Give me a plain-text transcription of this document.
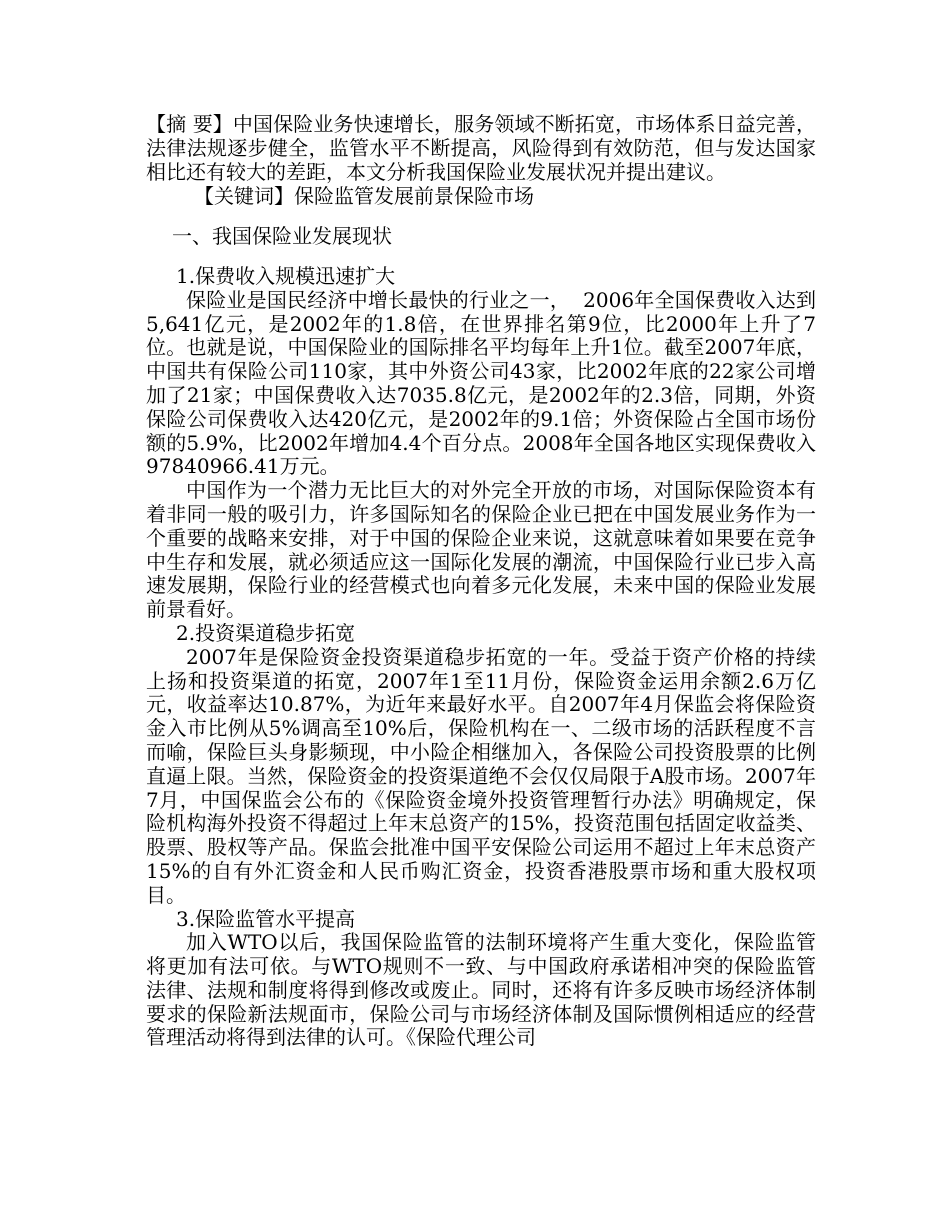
【摘 要】中国保险业务快速增长，服务领域不断拓宽，市场体系日益完善，法律法规逐步健全，监管水平不断提高，风险得到有效防范，但与发达国家相比还有较大的差距，本文分析我国保险业发展状况并提出建议。

【关键词】保险监管发展前景保险市场

一、我国保险业发展现状

1.保费收入规模迅速扩大

保险业是国民经济中增长最快的行业之一，  2006年全国保费收入达到5,641亿元，是2002年的1.8倍，在世界排名第9位，比2000年上升了7位。也就是说，中国保险业的国际排名平均每年上升1位。截至2007年底，中国共有保险公司110家，其中外资公司43家，比2002年底的22家公司增加了21家；中国保费收入达7035.8亿元，是2002年的2.3倍，同期，外资保险公司保费收入达420亿元，是2002年的9.1倍；外资保险占全国市场份额的5.9%，比2002年增加4.4个百分点。2008年全国各地区实现保费收入97840966.41万元。

中国作为一个潜力无比巨大的对外完全开放的市场，对国际保险资本有着非同一般的吸引力，许多国际知名的保险企业已把在中国发展业务作为一个重要的战略来安排，对于中国的保险企业来说，这就意味着如果要在竞争中生存和发展，就必须适应这一国际化发展的潮流，中国保险行业已步入高速发展期，保险行业的经营模式也向着多元化发展，未来中国的保险业发展前景看好。

2.投资渠道稳步拓宽

2007年是保险资金投资渠道稳步拓宽的一年。受益于资产价格的持续上扬和投资渠道的拓宽，2007年1至11月份，保险资金运用余额2.6万亿元，收益率达10.87%，为近年来最好水平。自2007年4月保监会将保险资金入市比例从5%调高至10%后，保险机构在一、二级市场的活跃程度不言而喻，保险巨头身影频现，中小险企相继加入，各保险公司投资股票的比例直逼上限。当然，保险资金的投资渠道绝不会仅仅局限于A股市场。2007年7月，中国保监会公布的《保险资金境外投资管理暂行办法》明确规定，保险机构海外投资不得超过上年末总资产的15%，投资范围包括固定收益类、股票、股权等产品。保监会批准中国平安保险公司运用不超过上年末总资产15%的自有外汇资金和人民币购汇资金，投资香港股票市场和重大股权项目。

3.保险监管水平提高

加入WTO以后，我国保险监管的法制环境将产生重大变化，保险监管将更加有法可依。与WTO规则不一致、与中国政府承诺相冲突的保险监管法律、法规和制度将得到修改或废止。同时，还将有许多反映市场经济体制要求的保险新法规面市，保险公司与市场经济体制及国际惯例相适应的经营管理活动将得到法律的认可。《保险代理公司
